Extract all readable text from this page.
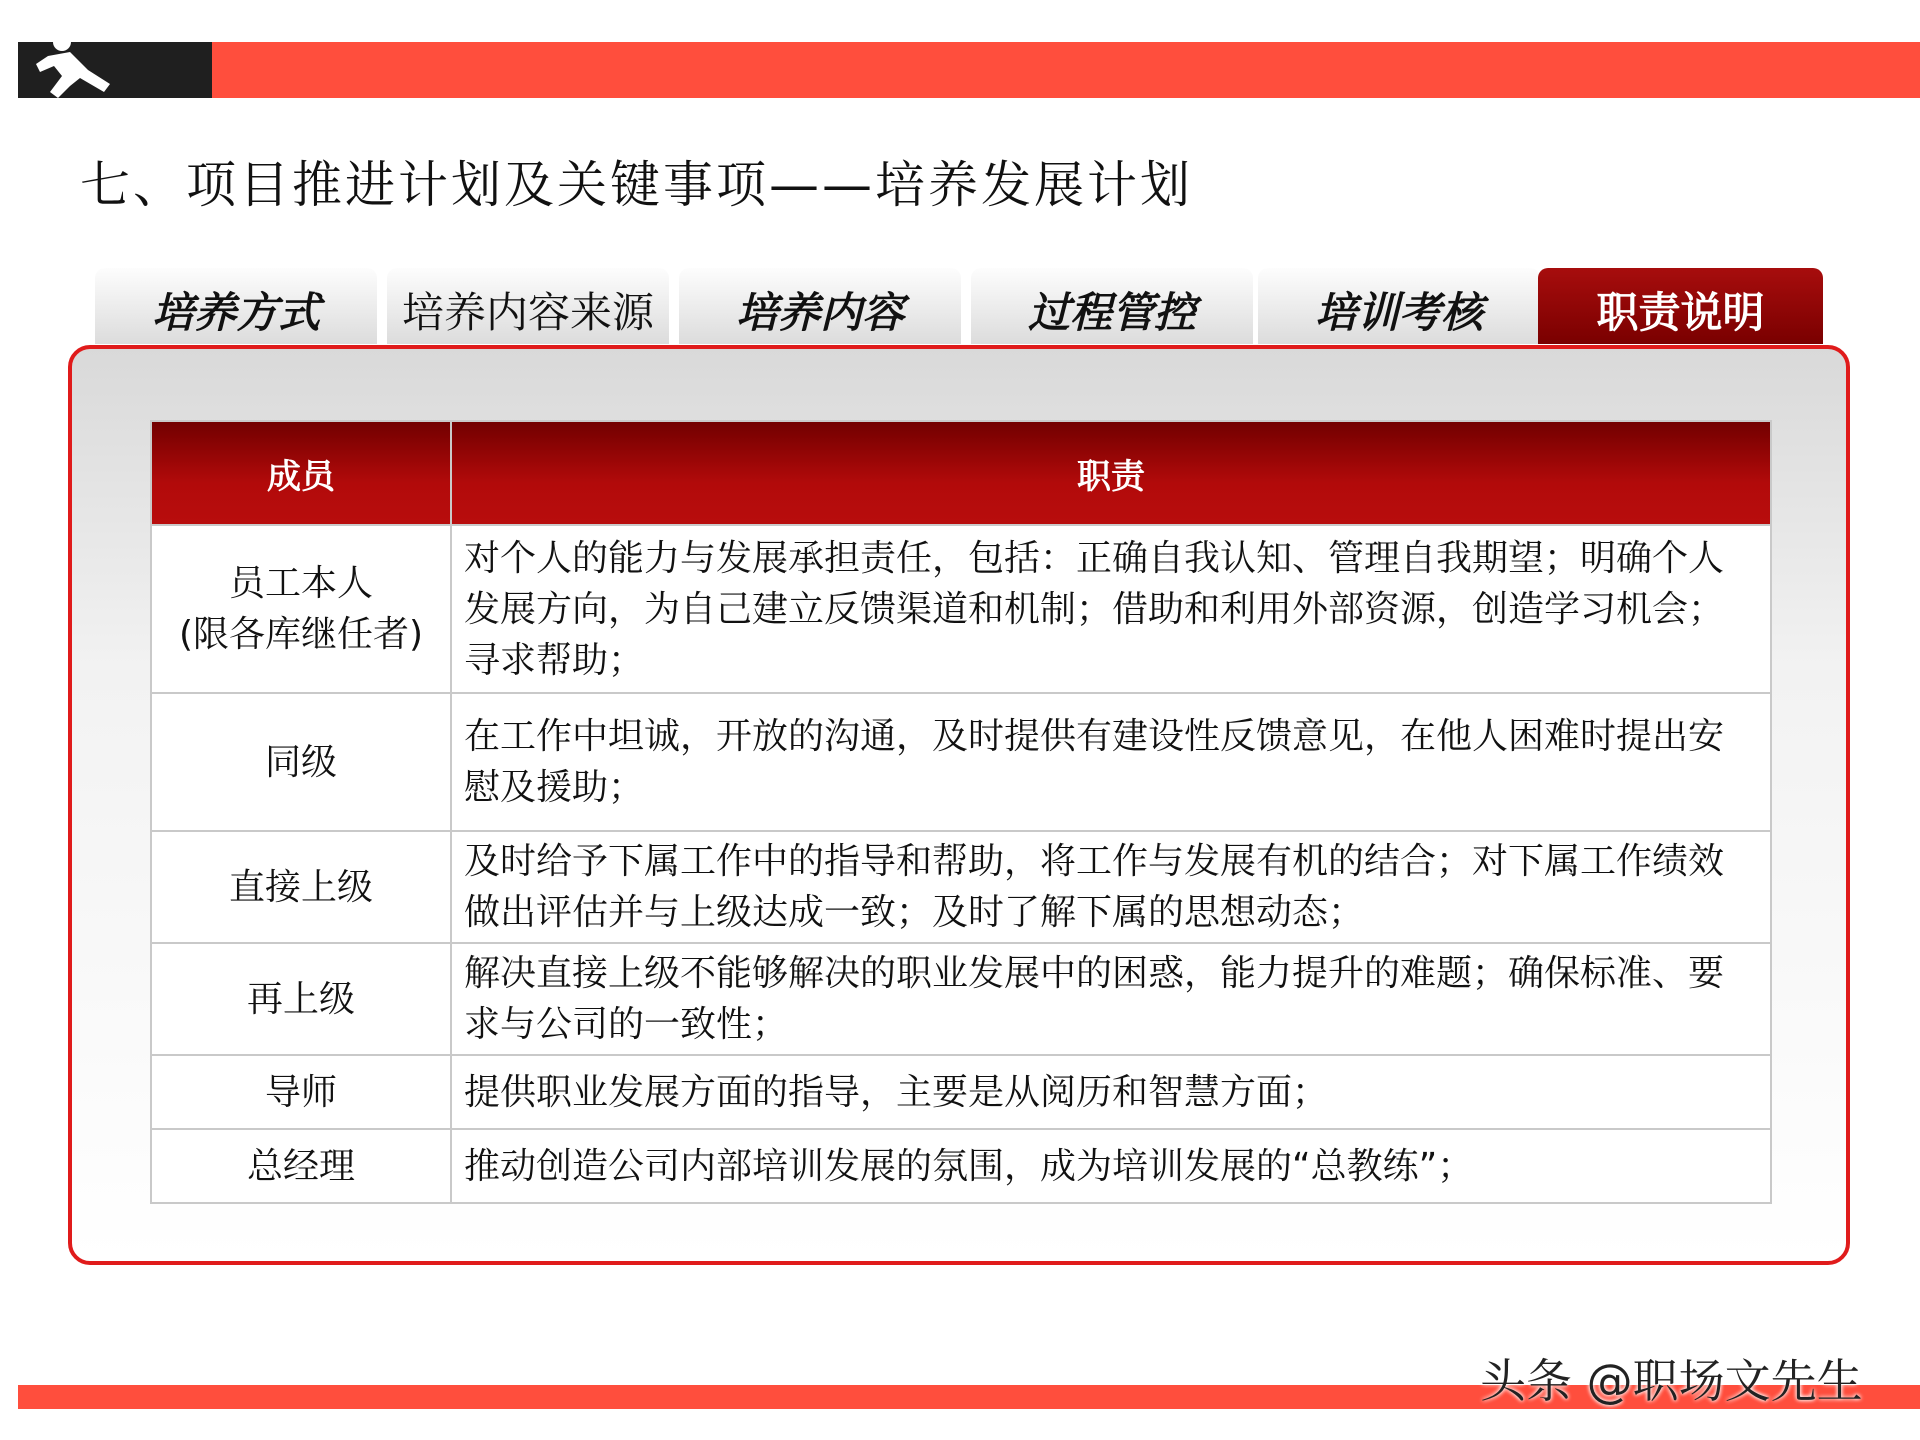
七、项目推进计划及关键事项——培养发展计划
培养方式	培养内容来源	培养内容	过程管控	培训考核	职责说明
成员	职责

员工本人
(限各库继任者)	对个人的能力与发展承担责任，包括：正确自我认知、管理自我期望；明确个人发展方向，为自己建立反馈渠道和机制；借助和利用外部资源，创造学习机会；寻求帮助；
同级	在工作中坦诚，开放的沟通，及时提供有建设性反馈意见，在他人困难时提出安慰及援助；
直接上级	及时给予下属工作中的指导和帮助，将工作与发展有机的结合；对下属工作绩效做出评估并与上级达成一致；及时了解下属的思想动态；
再上级	解决直接上级不能够解决的职业发展中的困惑，能力提升的难题；确保标准、要求与公司的一致性；
导师	提供职业发展方面的指导，主要是从阅历和智慧方面；
总经理	推动创造公司内部培训发展的氛围，成为培训发展的“总教练”；
头条 @职场文先生
